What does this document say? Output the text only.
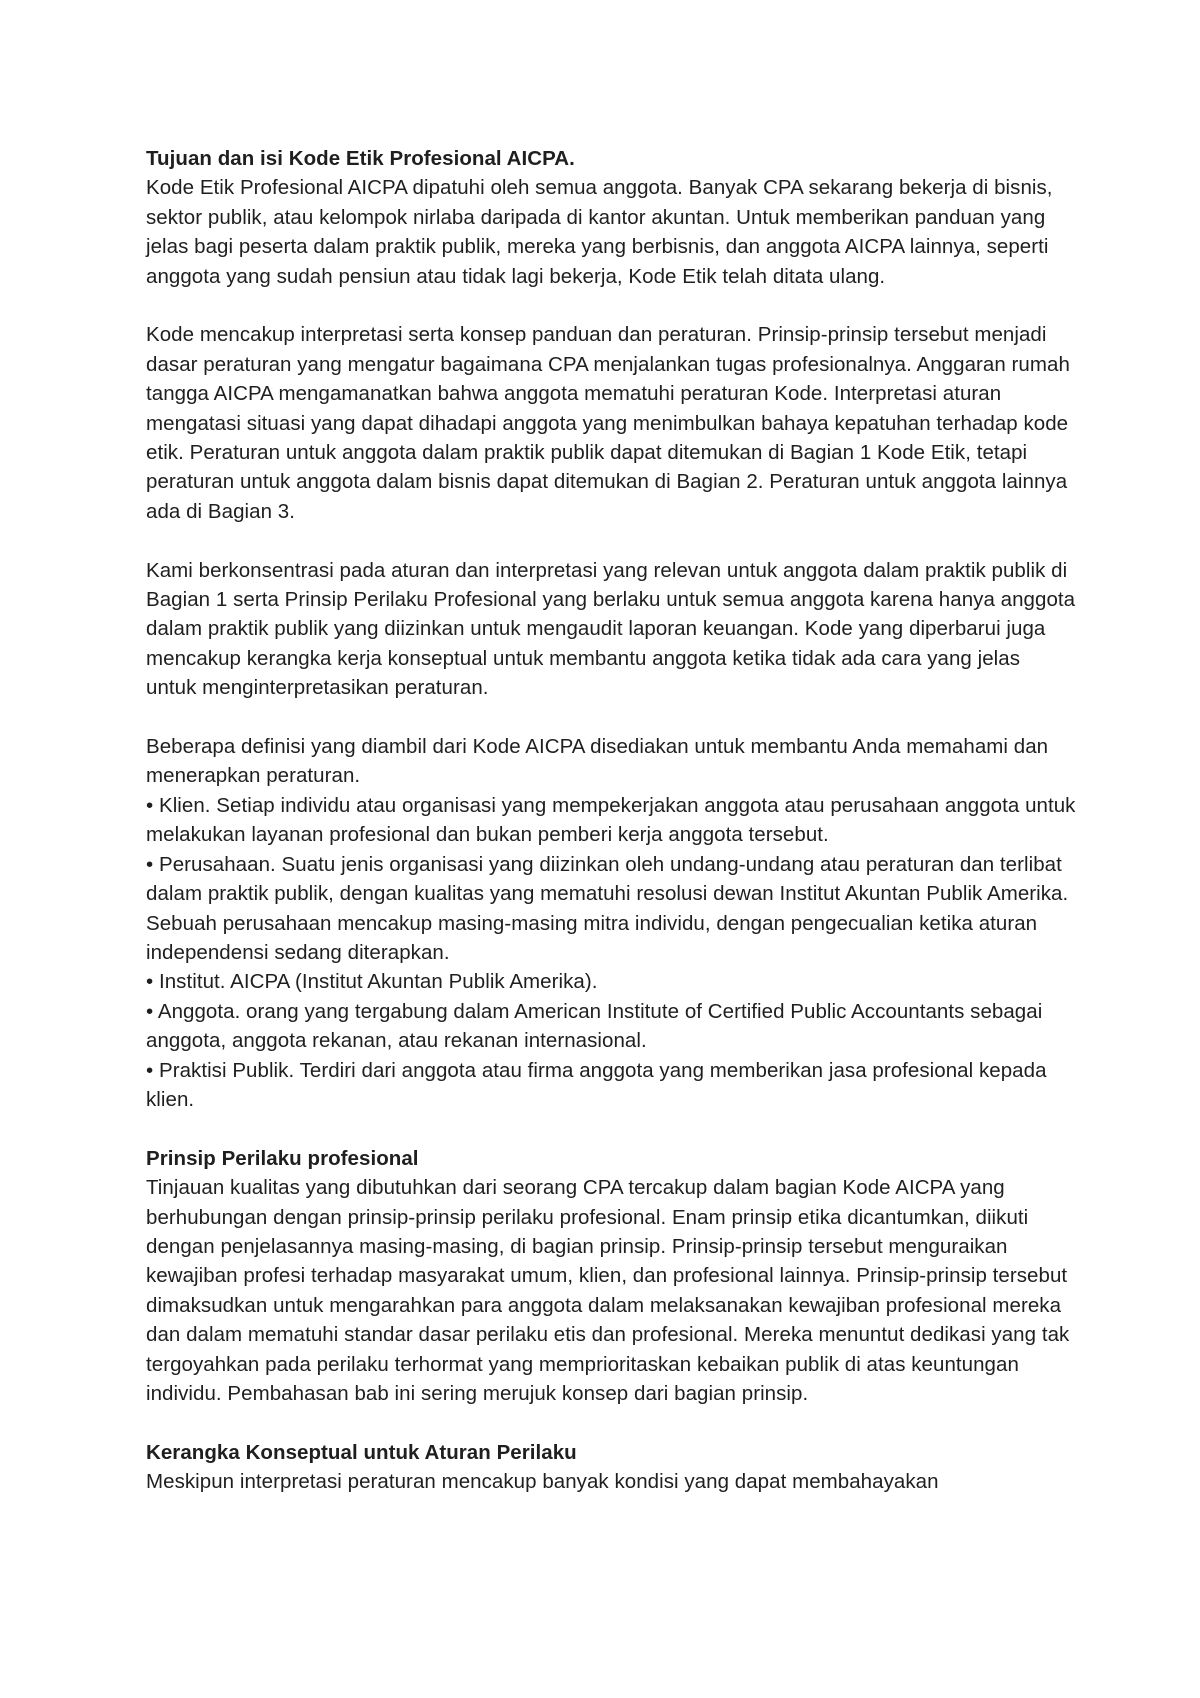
Tujuan dan isi Kode Etik Profesional AICPA.

Kode Etik Profesional AICPA dipatuhi oleh semua anggota. Banyak CPA sekarang bekerja di bisnis, sektor publik, atau kelompok nirlaba daripada di kantor akuntan. Untuk memberikan panduan yang jelas bagi peserta dalam praktik publik, mereka yang berbisnis, dan anggota AICPA lainnya, seperti anggota yang sudah pensiun atau tidak lagi bekerja, Kode Etik telah ditata ulang.

Kode mencakup interpretasi serta konsep panduan dan peraturan. Prinsip-prinsip tersebut menjadi dasar peraturan yang mengatur bagaimana CPA menjalankan tugas profesionalnya. Anggaran rumah tangga AICPA mengamanatkan bahwa anggota mematuhi peraturan Kode. Interpretasi aturan mengatasi situasi yang dapat dihadapi anggota yang menimbulkan bahaya kepatuhan terhadap kode etik. Peraturan untuk anggota dalam praktik publik dapat ditemukan di Bagian 1 Kode Etik, tetapi peraturan untuk anggota dalam bisnis dapat ditemukan di Bagian 2. Peraturan untuk anggota lainnya ada di Bagian 3.

Kami berkonsentrasi pada aturan dan interpretasi yang relevan untuk anggota dalam praktik publik di Bagian 1 serta Prinsip Perilaku Profesional yang berlaku untuk semua anggota karena hanya anggota dalam praktik publik yang diizinkan untuk mengaudit laporan keuangan. Kode yang diperbarui juga mencakup kerangka kerja konseptual untuk membantu anggota ketika tidak ada cara yang jelas untuk menginterpretasikan peraturan.

Beberapa definisi yang diambil dari Kode AICPA disediakan untuk membantu Anda memahami dan menerapkan peraturan.

• Klien. Setiap individu atau organisasi yang mempekerjakan anggota atau perusahaan anggota untuk melakukan layanan profesional dan bukan pemberi kerja anggota tersebut.

• Perusahaan. Suatu jenis organisasi yang diizinkan oleh undang-undang atau peraturan dan terlibat dalam praktik publik, dengan kualitas yang mematuhi resolusi dewan Institut Akuntan Publik Amerika. Sebuah perusahaan mencakup masing-masing mitra individu, dengan pengecualian ketika aturan independensi sedang diterapkan.

• Institut. AICPA (Institut Akuntan Publik Amerika).

• Anggota. orang yang tergabung dalam American Institute of Certified Public Accountants sebagai anggota, anggota rekanan, atau rekanan internasional.

• Praktisi Publik. Terdiri dari anggota atau firma anggota yang memberikan jasa profesional kepada klien.

Prinsip Perilaku profesional

Tinjauan kualitas yang dibutuhkan dari seorang CPA tercakup dalam bagian Kode AICPA yang berhubungan dengan prinsip-prinsip perilaku profesional. Enam prinsip etika dicantumkan, diikuti dengan penjelasannya masing-masing, di bagian prinsip. Prinsip-prinsip tersebut menguraikan kewajiban profesi terhadap masyarakat umum, klien, dan profesional lainnya. Prinsip-prinsip tersebut dimaksudkan untuk mengarahkan para anggota dalam melaksanakan kewajiban profesional mereka dan dalam mematuhi standar dasar perilaku etis dan profesional. Mereka menuntut dedikasi yang tak tergoyahkan pada perilaku terhormat yang memprioritaskan kebaikan publik di atas keuntungan individu. Pembahasan bab ini sering merujuk konsep dari bagian prinsip.

Kerangka Konseptual untuk Aturan Perilaku

Meskipun interpretasi peraturan mencakup banyak kondisi yang dapat membahayakan
